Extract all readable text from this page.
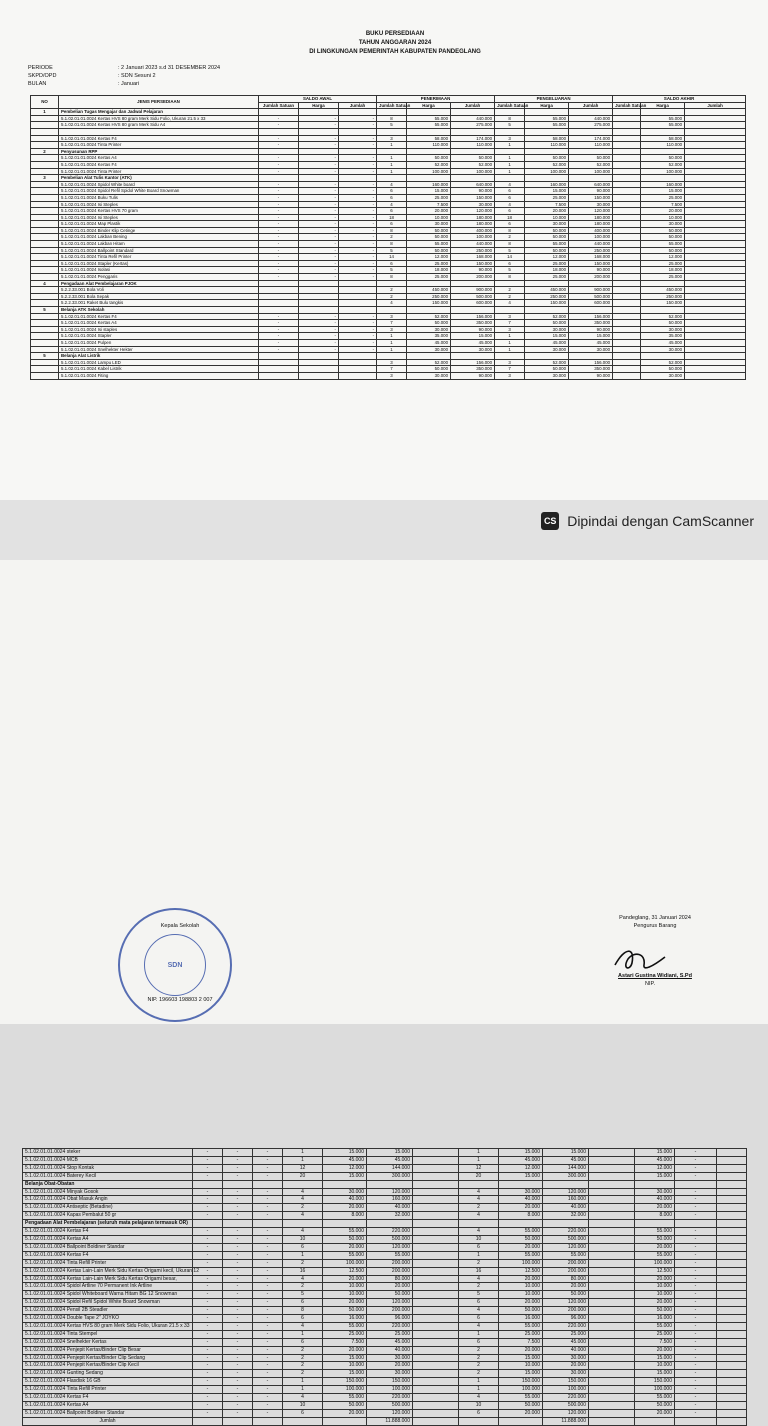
BUKU PERSEDIAAN
TAHUN ANGGARAN 2024
DI LINGKUNGAN PEMERINTAH KABUPATEN PANDEGLANG
PERIODE	: 2 Januari 2023 s.d 31 DESEMBER 2024
SKPD/OPD	: SDN Sesuni 2
BULAN	: Januari
NO	JENIS PERSEDIAAN	SALDO AWAL			PENERIMAAN			PENGELUARAN			SALDO AKHIR		
		Jumlah Satuan	Harga	Jumlah	Jumlah Satuan	Harga	Jumlah	Jumlah Satuan	Harga	Jumlah	Jumlah Satuan	Harga	Jumlah
1	Pembelian Tugas Mengajar dan Jadwal Pelajaran												
	5.1.02.01.01.0024 Kertas HVS 80 gram Merk Sidu Folio, Ukuran 21.5 x 33	-	-	-	8	55.000	440.000	8	55.000	440.000		55.000	
	5.1.02.01.01.0024 Kertas HVS 80 gram Merk Sidu A4	-	-	-	5	55.000	275.000	5	55.000	275.000		55.000	

	5.1.02.01.01.0024 Kertas F4	-	-	-	3	58.000	174.000	3	58.000	174.000		58.000	
	5.1.02.01.01.0024 Tinta Printer	-	-	-	1	110.000	110.000	1	110.000	110.000		110.000	
2	Penyusunan RPP												
	5.1.02.01.01.0024 Kertas A4	-	-	-	1	50.000	50.000	1	50.000	50.000		50.000	
	5.1.02.01.01.0024 Kertas F4	-	-	-	1	52.000	52.000	1	52.000	52.000		52.000	
	5.1.02.01.01.0024 Tinta Printer	-	-	-	1	100.000	100.000	1	100.000	100.000		100.000	
3	Pembelian Alat Tulis Kantor (ATK)												
	5.1.02.01.01.0024 Spidol White board	-	-	-	4	160.000	640.000	4	160.000	640.000		160.000	
	5.1.02.01.01.0024 Spidol Refil Spidol White Board Snowman	-	-	-	6	15.000	90.000	6	15.000	90.000		15.000	
	5.1.02.01.01.0024 Buku Tulis	-	-	-	6	25.000	150.000	6	25.000	150.000		25.000	
	5.1.02.01.01.0024 Isi Steples	-	-	-	4	7.500	30.000	4	7.500	30.000		7.500	
	5.1.02.01.01.0024 Kertas HVS 70 gram	-	-	-	6	20.000	120.000	6	20.000	120.000		20.000	
	5.1.02.01.01.0024 Isi Steples	-	-	-	18	10.000	180.000	18	10.000	180.000		10.000	
	5.1.02.01.01.0024 Map Plastik	-	-	-	6	30.000	180.000	6	30.000	180.000		30.000	
	5.1.02.01.01.0024 Binder Klip Cetinge	-	-	-	8	50.000	400.000	8	50.000	400.000		50.000	
	5.1.02.01.01.0024 Lakban Bening	-	-	-	2	50.000	100.000	2	50.000	100.000		50.000	
	5.1.02.01.01.0024 Lakban Hitam	-	-	-	8	55.000	440.000	8	55.000	440.000		55.000	
	5.1.02.01.01.0024 Ballpoint Standard	-	-	-	5	50.000	250.000	5	50.000	250.000		50.000	
	5.1.02.01.01.0024 Tinta Refil Printer	-	-	-	14	12.000	168.000	14	12.000	168.000		12.000	
	5.1.02.01.01.0024 Stapler (Kertas)	-	-	-	6	25.000	150.000	6	25.000	150.000		25.000	
	5.1.02.01.01.0024 Isolasi	-	-	-	5	18.000	90.000	5	18.000	90.000		18.000	
	5.1.02.01.01.0024 Penggaris	-	-	-	8	25.000	200.000	8	25.000	200.000		25.000	
4	Pengadaan Alat Pembelajaran PJOK												
	5.2.2.33.001 Bola Voli				2	450.000	900.000	2	450.000	900.000		450.000	
	5.2.2.33.001 Bola Sepak				2	250.000	500.000	2	250.000	500.000		250.000	
	5.2.2.33.001 Raket Bulu tangkis				4	150.000	600.000	4	150.000	600.000		150.000	
5	Belanja ATK Sekolah												
	5.1.02.01.01.0024 Kertas F4	-	-	-	3	52.000	156.000	3	52.000	156.000		52.000	
	5.1.02.01.01.0024 Kertas A4	-	-	-	7	50.000	350.000	7	50.000	350.000		50.000	
	5.1.02.01.01.0024 Isi staples	-	-	-	3	30.000	90.000	3	30.000	90.000		30.000	
	5.1.02.01.01.0024 Stapler	-	-	-	1	35.000	15.000	1	15.000	15.000		35.000	
	5.1.02.01.01.0024 Pulpen	-	-	-	1	45.000	45.000	1	45.000	45.000		45.000	
	5.1.02.01.01.0024 Snelhekter Hekter	-	-	-	1	30.000	30.000	1	30.000	30.000		30.000	
5	Belanja Alat Listrik												
	5.1.02.01.01.0024 Lampu LED				3	52.000	156.000	3	52.000	156.000		52.000	
	5.1.02.01.01.0024 Kabel Listrik				7	50.000	350.000	7	50.000	350.000		50.000	
	5.1.02.01.01.0024 Fiting				3	30.000	90.000	3	30.000	90.000		30.000	
CS Dipindai dengan CamScanner
5.1.02.01.01.0024 steker	-	-	-	1	15.000	15.000		1	15.000	15.000		15.000	-	
5.1.02.01.01.0024 MCB	-	-	-	1	45.000	45.000		1	45.000	45.000		45.000	-	
5.1.02.01.01.0024 Stop Kontak	-	-	-	12	12.000	144.000		12	12.000	144.000		12.000	-	
5.1.02.01.01.0024 Baterey Kecil	-	-	-	20	15.000	300.000		20	15.000	300.000		15.000	-	
Belanja Obat-Obatan														
5.1.02.01.01.0024 Minyak Gosok	-	-	-	4	30.000	120.000		4	30.000	120.000		30.000	-	
5.1.02.01.01.0024 Obat Masuk Angin	-	-	-	4	40.000	160.000		4	40.000	160.000		40.000	-	
5.1.02.01.01.0024 Antiseptic (Betadine)	-	-	-	2	20.000	40.000		2	20.000	40.000		20.000	-	
5.1.02.01.01.0024 Kapas Pembalut 50 gr	-	-	-	4	8.000	32.000		4	8.000	32.000		8.000	-	
Pengadaan Alat Pembelajaran (seluruh mata pelajaran termasuk OR)														
5.1.02.01.01.0024 Kertas F4	-	-	-	4	55.000	220.000		4	55.000	220.000		55.000	-	
5.1.02.01.01.0024 Kertas A4	-	-	-	10	50.000	500.000		10	50.000	500.000		50.000	-	
5.1.02.01.01.0024 Ballpoint Boldiner Standar	-	-	-	6	20.000	120.000		6	20.000	120.000		20.000	-	
5.1.02.01.01.0024 Kertas F4	-	-	-	1	55.000	55.000		1	55.000	55.000		55.000	-	
5.1.02.01.01.0024 Tinta Refill Printer	-	-	-	2	100.000	200.000		2	100.000	200.000		100.000	-	
5.1.02.01.01.0024 Kertas Lain-Lain Merk Sidu Kertas Origami kecil, Ukuran 12	-	-	-	16	12.500	200.000		16	12.500	200.000		12.500	-	
5.1.02.01.01.0024 Kertas Lain-Lain Merk Sidu Kertas Origami besar,	-	-	-	4	20.000	80.000		4	20.000	80.000		20.000	-	
5.1.02.01.01.0024 Spidol Artline 70 Permanent Ink Artline	-	-	-	2	10.000	20.000		2	10.000	20.000		10.000	-	
5.1.02.01.01.0024 Spidol Whiteboard Warna Hitam BG 12 Snowman	-	-	-	5	10.000	50.000		5	10.000	50.000		10.000	-	
5.1.02.01.01.0024 Spidol Refil Spidol White Board Snowman	-	-	-	6	20.000	120.000		6	20.000	120.000		20.000	-	
5.1.02.01.01.0024 Pensil 2B Steadler	-	-	-	8	50.000	200.000		4	50.000	200.000		50.000	-	
5.1.02.01.01.0024 Double Tape 2" JOYKO	-	-	-	6	16.000	96.000		6	16.000	96.000		16.000	-	
5.1.02.01.01.0024 Kertas HVS 80 gram Merk Sidu Folio, Ukuran 21.5 x 33	-	-	-	4	55.000	220.000		4	55.000	220.000		55.000	-	
5.1.02.01.01.0024 Tinta Stempel	-	-	-	1	25.000	25.000		1	25.000	25.000		25.000	-	
5.1.02.01.01.0024 Snelhekter Kertas	-	-	-	6	7.500	45.000		6	7.500	45.000		7.500	-	
5.1.02.01.01.0024 Penjepit Kertas/Binder Clip Besar	-	-	-	2	20.000	40.000		2	20.000	40.000		20.000	-	
5.1.02.01.01.0024 Penjepit Kertas/Binder Clip Sedang	-	-	-	2	15.000	30.000		2	15.000	30.000		15.000	-	
5.1.02.01.01.0024 Penjepit Kertas/Binder Clip Kecil	-	-	-	2	10.000	20.000		2	10.000	20.000		10.000	-	
5.1.02.01.01.0024 Gunting Sedang	-	-	-	2	15.000	30.000		2	15.000	30.000		15.000	-	
5.1.02.01.01.0024 Flasdisk 16 GB	-	-	-	1	150.000	150.000		1	150.000	150.000		150.000	-	
5.1.02.01.01.0024 Tinta Refill Printer	-	-	-	1	100.000	100.000		1	100.000	100.000		100.000	-	
5.1.02.01.01.0024 Kertas F4	-	-	-	4	55.000	220.000		4	55.000	220.000		55.000	-	
5.1.02.01.01.0024 Kertas A4	-	-	-	10	50.000	500.000		10	50.000	500.000		50.000	-	
5.1.02.01.01.0024 Ballpoint Boldiner Standar	-	-	-	6	20.000	120.000		6	20.000	120.000		20.000	-	
Jumlah						11.888.000				11.888.000				
SDN
Kepala Sekolah
NIP. 196603 198803 2 007
Pandeglang, 31 Januari 2024
Pengurus Barang
Astari Gustina Widiani, S.Pd
NIP.
